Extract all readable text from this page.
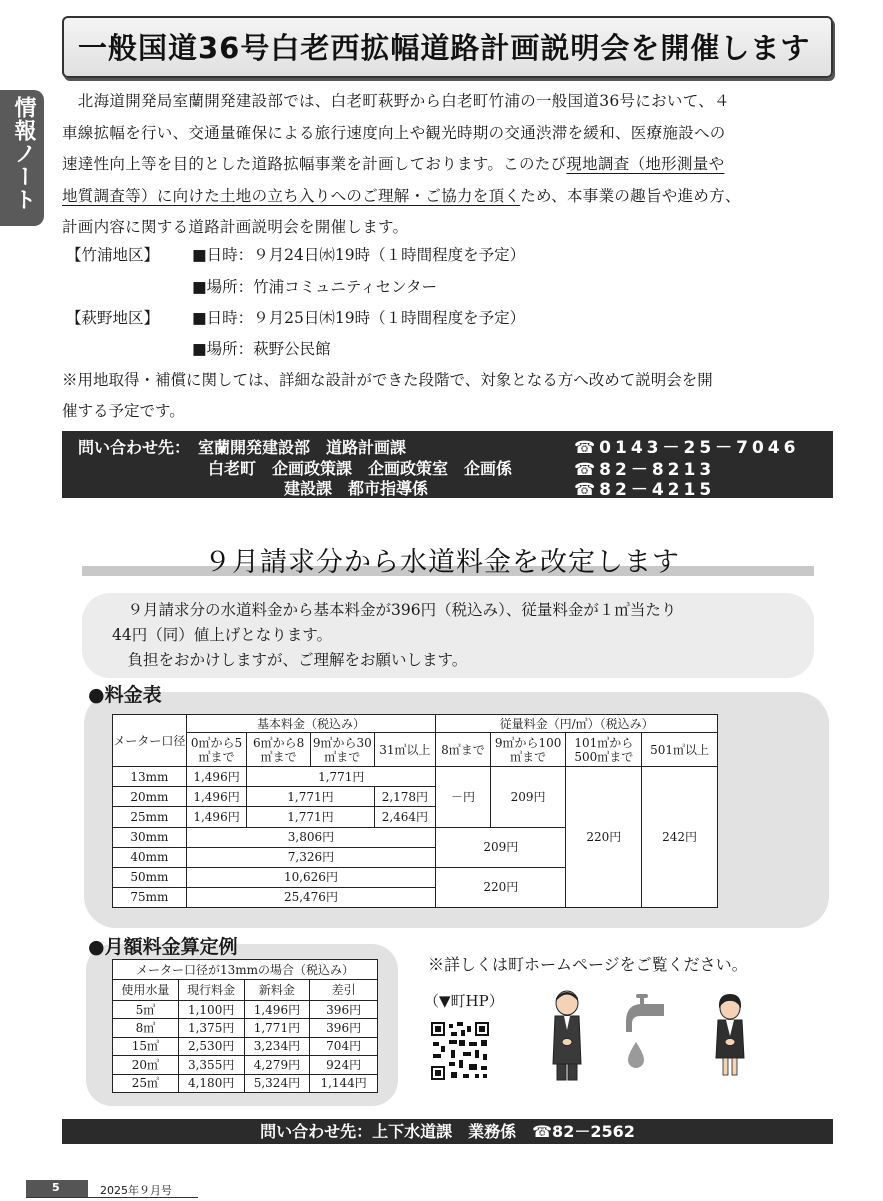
情報ノート
一般国道36号白老西拡幅道路計画説明会を開催します
　北海道開発局室蘭開発建設部では、白老町萩野から白老町竹浦の一般国道36号において、４
車線拡幅を行い、交通量確保による旅行速度向上や観光時期の交通渋滞を緩和、医療施設への
速達性向上等を目的とした道路拡幅事業を計画しております。このたび現地調査（地形測量や
地質調査等）に向けた土地の立ち入りへのご理解・ご協力を頂くため、本事業の趣旨や進め方、
計画内容に関する道路計画説明会を開催します。
【竹浦地区】 ■日時：９月24日㈬19時（１時間程度を予定）
■場所：竹浦コミュニティセンター
【萩野地区】 ■日時：９月25日㈭19時（１時間程度を予定）
■場所：萩野公民館
※用地取得・補償に関しては、詳細な設計ができた段階で、対象となる方へ改めて説明会を開
催する予定です。
問い合わせ先： 室蘭開発建設部　道路計画課	☎0143－25－7046
白老町　企画政策課　企画政策室　企画係	☎82－8213
建設課　都市指導係	☎82－4215
９月請求分から水道料金を改定します
　９月請求分の水道料金から基本料金が396円（税込み）、従量料金が１㎥当たり
44円（同）値上げとなります。
　負担をおかけしますが、ご理解をお願いします。
●料金表
メーター口径	基本料金（税込み）				従量料金（円/㎥）（税込み）			
	0㎥から5㎥まで	6㎥から8㎥まで	9㎥から30㎥まで	31㎥以上	8㎥まで	9㎥から100㎥まで	101㎥から500㎥まで	501㎥以上
13mm	1,496円	1,771円			－円	209円	220円	242円
20mm	1,496円	1,771円		2,178円				
25mm	1,496円	1,771円		2,464円				
30mm	3,806円				209円			
40mm	7,326円							
50mm	10,626円				220円			
75mm	25,476円							
●月額料金算定例
メーター口径が13mmの場合（税込み）			
使用水量	現行料金	新料金	差引
5㎥	1,100円	1,496円	396円
8㎥	1,375円	1,771円	396円
15㎥	2,530円	3,234円	704円
20㎥	3,355円	4,279円	924円
25㎥	4,180円	5,324円	1,144円
※詳しくは町ホームページをご覧ください。
（▼町HP）
問い合わせ先：上下水道課　業務係　☎82－2562
5	2025年９月号
